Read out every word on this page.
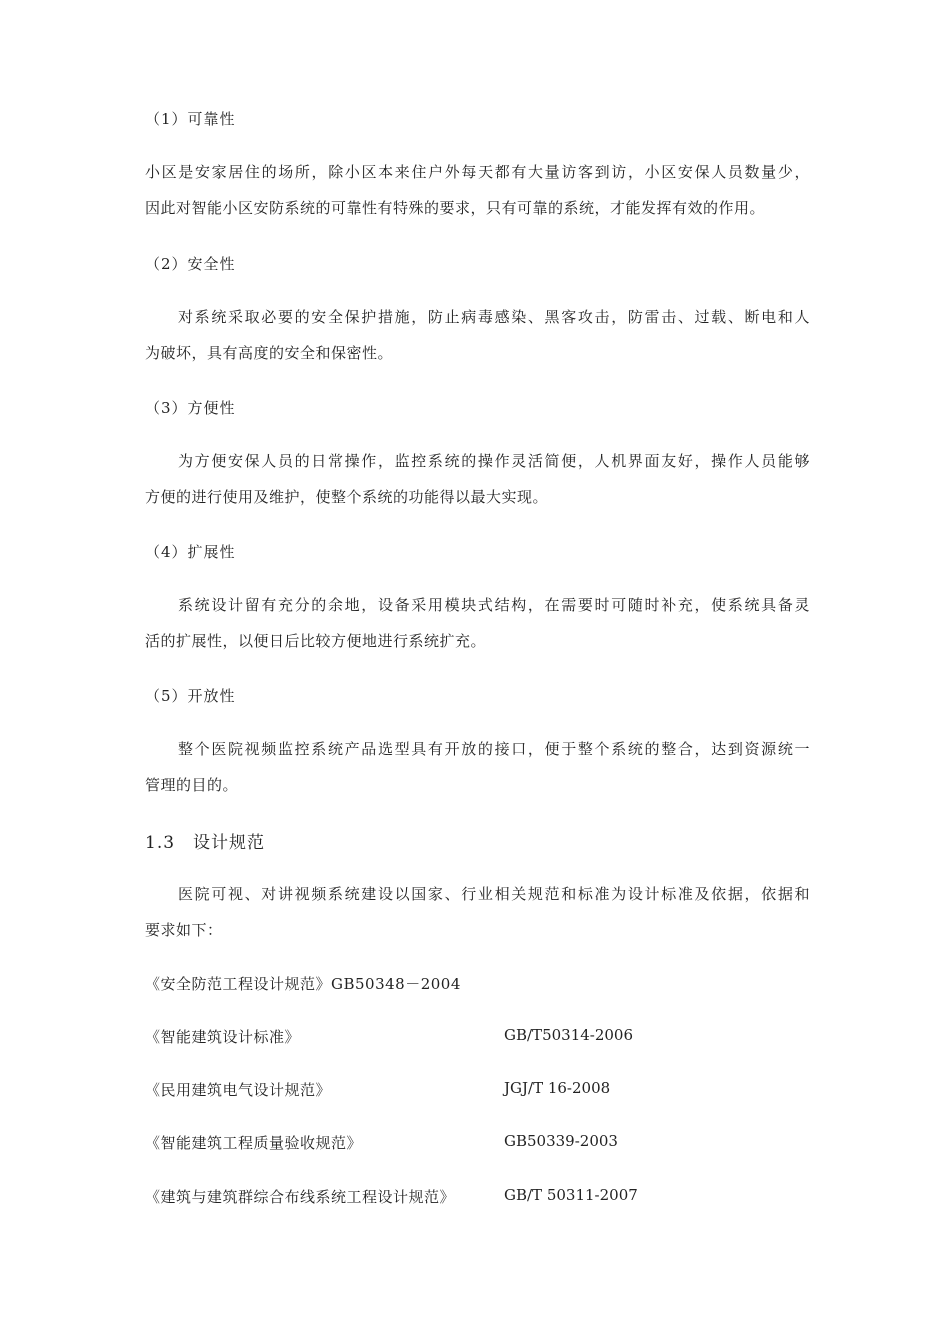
（1）可靠性
小区是安家居住的场所，除小区本来住户外每天都有大量访客到访，小区安保人员数量少，
因此对智能小区安防系统的可靠性有特殊的要求，只有可靠的系统，才能发挥有效的作用。
（2）安全性
对系统采取必要的安全保护措施，防止病毒感染、黑客攻击，防雷击、过载、断电和人
为破坏，具有高度的安全和保密性。
（3）方便性
为方便安保人员的日常操作，监控系统的操作灵活简便，人机界面友好，操作人员能够
方便的进行使用及维护，使整个系统的功能得以最大实现。
（4）扩展性
系统设计留有充分的余地，设备采用模块式结构，在需要时可随时补充，使系统具备灵
活的扩展性，以便日后比较方便地进行系统扩充。
（5）开放性
整个医院视频监控系统产品选型具有开放的接口，便于整个系统的整合，达到资源统一
管理的目的。
1.3 设计规范
医院可视、对讲视频系统建设以国家、行业相关规范和标准为设计标准及依据，依据和
要求如下：
《安全防范工程设计规范》GB50348－2004
《智能建筑设计标准》	GB/T50314-2006
《民用建筑电气设计规范》	JGJ/T 16-2008
《智能建筑工程质量验收规范》	GB50339-2003
《建筑与建筑群综合布线系统工程设计规范》	GB/T 50311-2007
